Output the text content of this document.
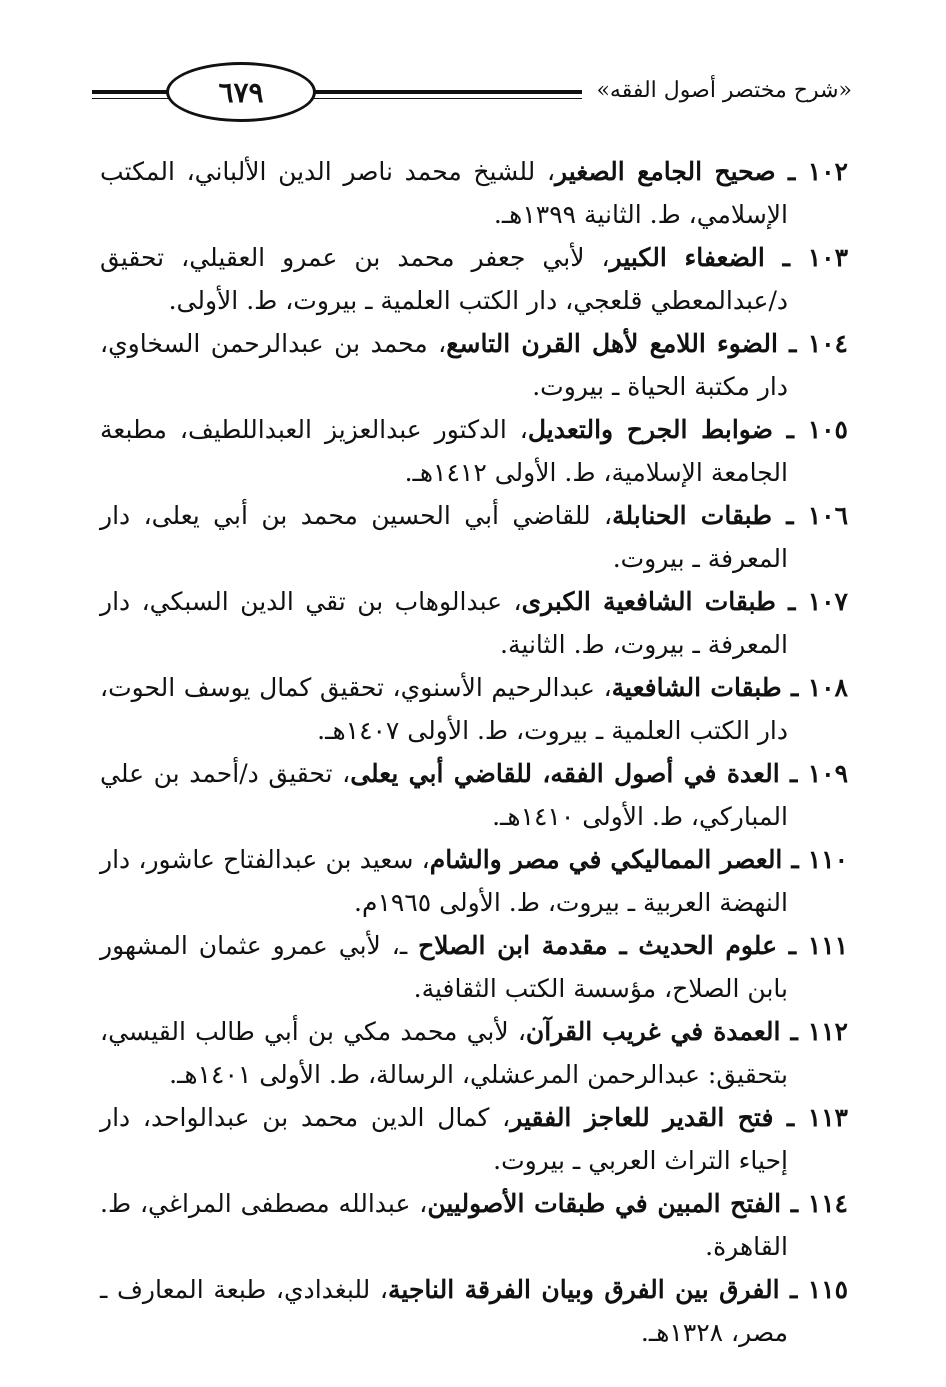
«شرح مختصر أصول الفقه»
٦٧٩

١٠٢ ـ صحيح الجامع الصغير، للشيخ محمد ناصر الدين الألباني، المكتب

الإسلامي، ط. الثانية ١٣٩٩هـ.

١٠٣ ـ الضعفاء الكبير، لأبي جعفر محمد بن عمرو العقيلي، تحقيق

د/عبدالمعطي قلعجي، دار الكتب العلمية ـ بيروت، ط. الأولى.

١٠٤ ـ الضوء اللامع لأهل القرن التاسع، محمد بن عبدالرحمن السخاوي،

دار مكتبة الحياة ـ بيروت.

١٠٥ ـ ضوابط الجرح والتعديل، الدكتور عبدالعزيز العبداللطيف، مطبعة

الجامعة الإسلامية، ط. الأولى ١٤١٢هـ.

١٠٦ ـ طبقات الحنابلة، للقاضي أبي الحسين محمد بن أبي يعلى، دار

المعرفة ـ بيروت.

١٠٧ ـ طبقات الشافعية الكبرى، عبدالوهاب بن تقي الدين السبكي، دار

المعرفة ـ بيروت، ط. الثانية.

١٠٨ ـ طبقات الشافعية، عبدالرحيم الأسنوي، تحقيق كمال يوسف الحوت،

دار الكتب العلمية ـ بيروت، ط. الأولى ١٤٠٧هـ.

١٠٩ ـ العدة في أصول الفقه، للقاضي أبي يعلى، تحقيق د/أحمد بن علي

المباركي، ط. الأولى ١٤١٠هـ.

١١٠ ـ العصر المماليكي في مصر والشام، سعيد بن عبدالفتاح عاشور، دار

النهضة العربية ـ بيروت، ط. الأولى ١٩٦٥م.

١١١ ـ علوم الحديث ـ مقدمة ابن الصلاح ـ، لأبي عمرو عثمان المشهور

بابن الصلاح، مؤسسة الكتب الثقافية.

١١٢ ـ العمدة في غريب القرآن، لأبي محمد مكي بن أبي طالب القيسي،

بتحقيق: عبدالرحمن المرعشلي، الرسالة، ط. الأولى ١٤٠١هـ.

١١٣ ـ فتح القدير للعاجز الفقير، كمال الدين محمد بن عبدالواحد، دار

إحياء التراث العربي ـ بيروت.

١١٤ ـ الفتح المبين في طبقات الأصوليين، عبدالله مصطفى المراغي، ط.

القاهرة.

١١٥ ـ الفرق بين الفرق وبيان الفرقة الناجية، للبغدادي، طبعة المعارف ـ

مصر، ١٣٢٨هـ.
